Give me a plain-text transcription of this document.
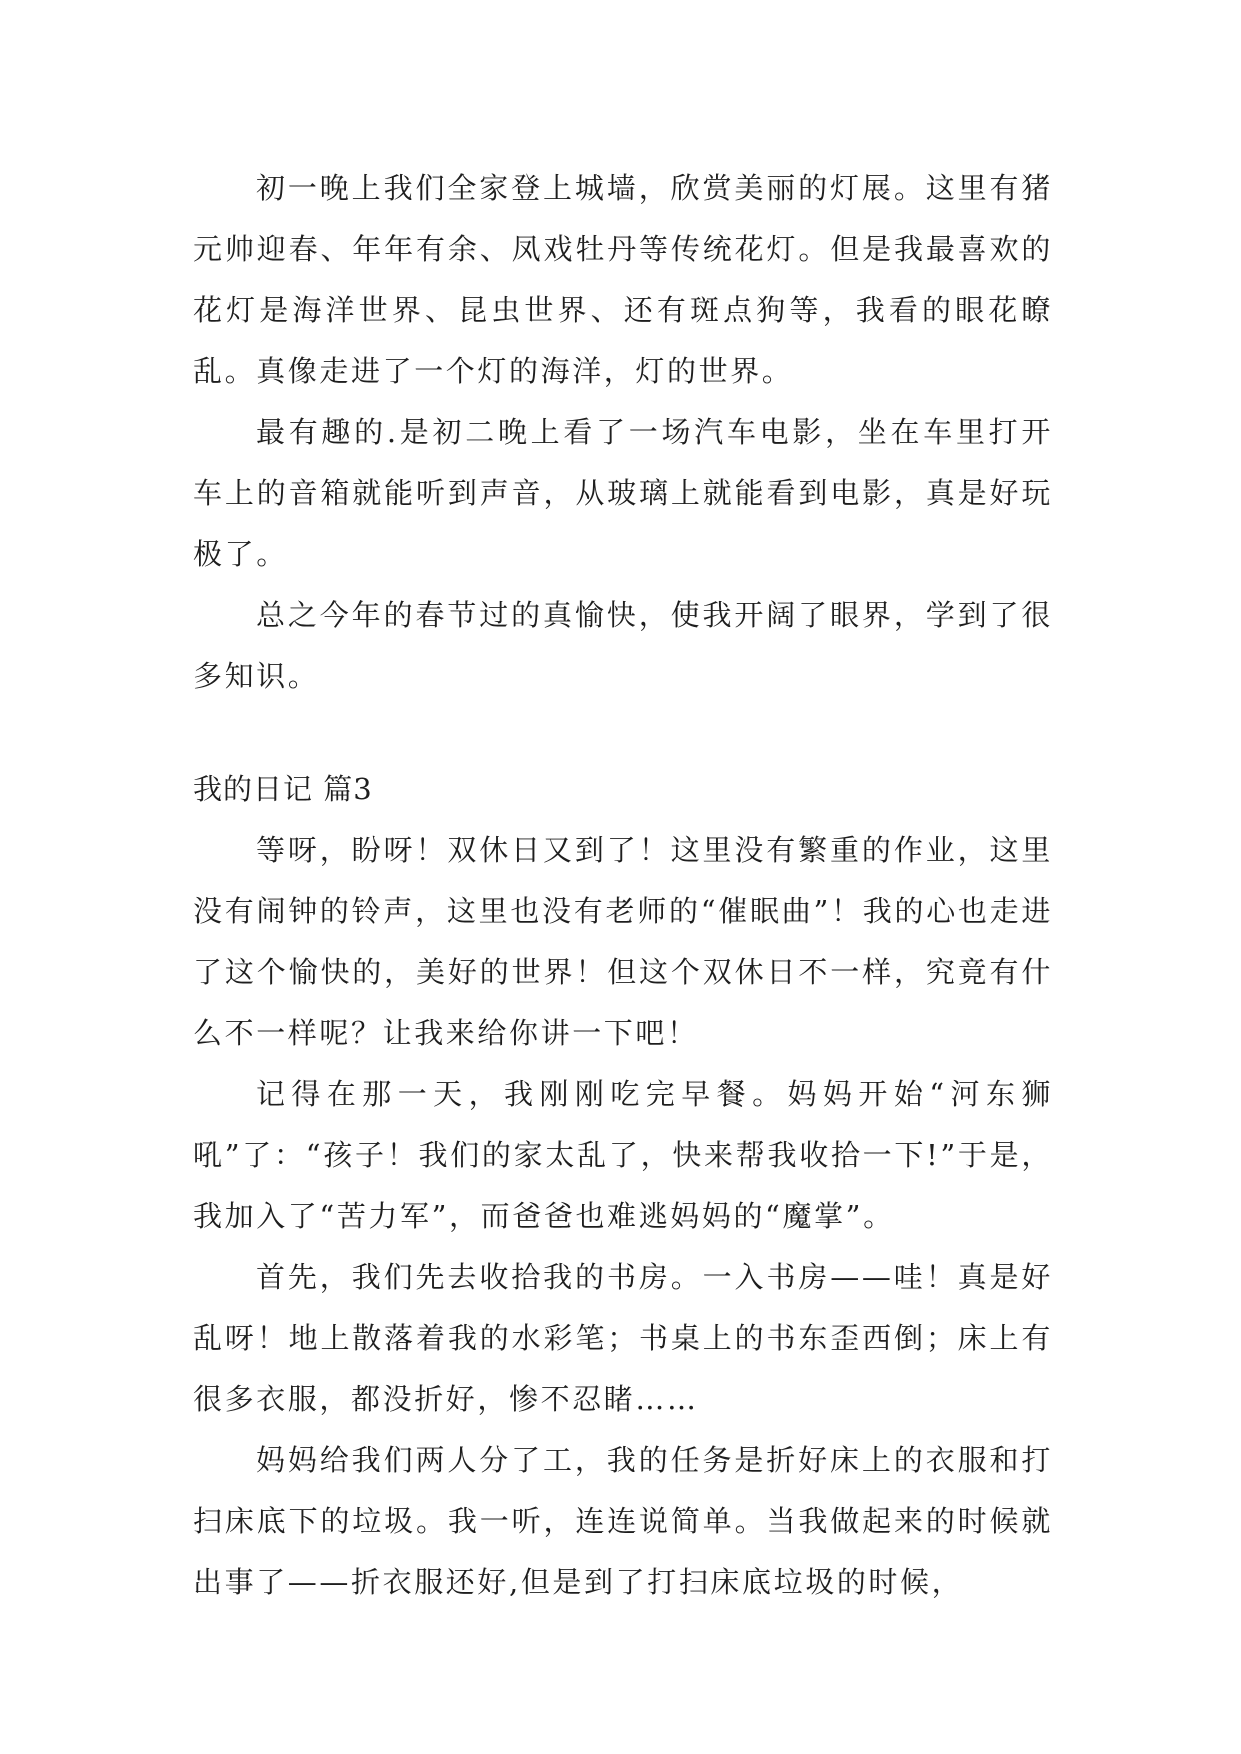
初一晚上我们全家登上城墙，欣赏美丽的灯展。这里有猪元帅迎春、年年有余、凤戏牡丹等传统花灯。但是我最喜欢的花灯是海洋世界、昆虫世界、还有斑点狗等，我看的眼花瞭乱。真像走进了一个灯的海洋，灯的世界。

最有趣的.是初二晚上看了一场汽车电影，坐在车里打开车上的音箱就能听到声音，从玻璃上就能看到电影，真是好玩极了。

总之今年的春节过的真愉快，使我开阔了眼界，学到了很多知识。

我的日记 篇3

等呀，盼呀！双休日又到了！这里没有繁重的作业，这里没有闹钟的铃声，这里也没有老师的“催眠曲”！我的心也走进了这个愉快的，美好的世界！但这个双休日不一样，究竟有什么不一样呢？让我来给你讲一下吧！

记得在那一天，我刚刚吃完早餐。妈妈开始“河东狮吼”了：“孩子！我们的家太乱了，快来帮我收拾一下!”于是，我加入了“苦力军”，而爸爸也难逃妈妈的“魔掌”。

首先，我们先去收拾我的书房。一入书房——哇！真是好乱呀！地上散落着我的水彩笔；书桌上的书东歪西倒；床上有很多衣服，都没折好，惨不忍睹……

妈妈给我们两人分了工，我的任务是折好床上的衣服和打扫床底下的垃圾。我一听，连连说简单。当我做起来的时候就出事了——折衣服还好,但是到了打扫床底垃圾的时候，
